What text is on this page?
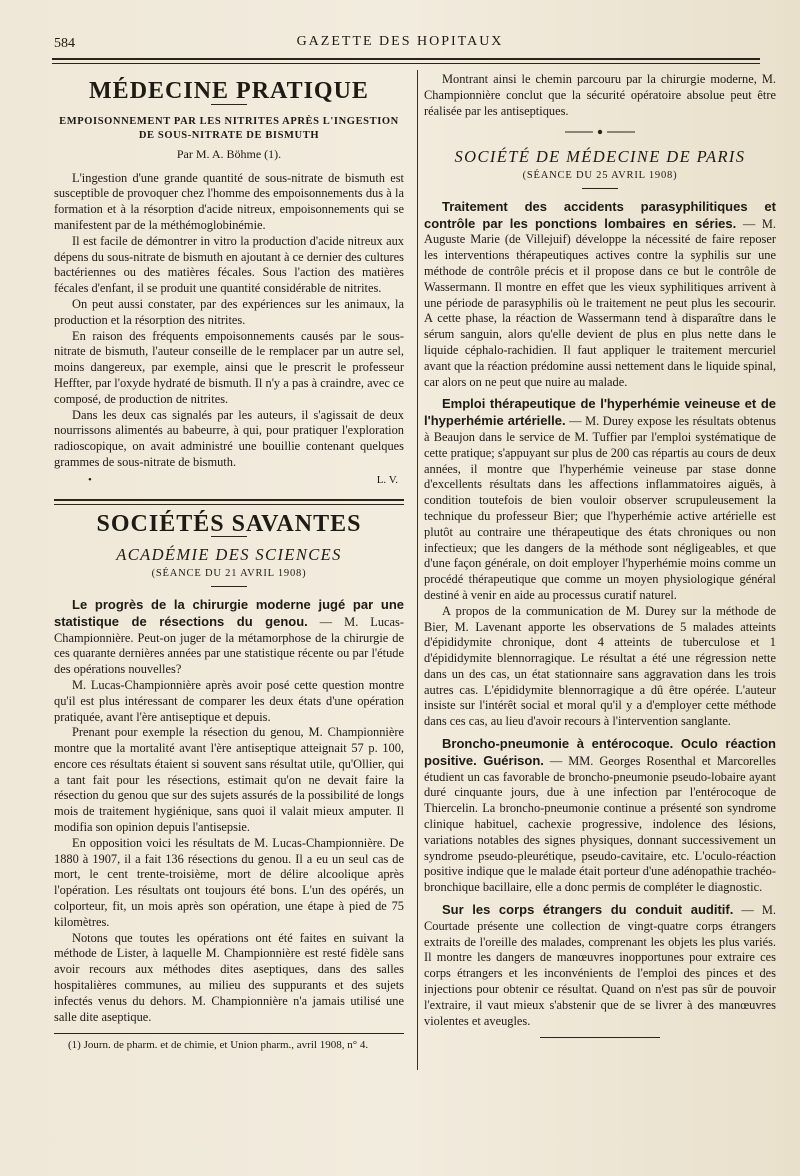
584	GAZETTE DES HOPITAUX
MÉDECINE PRATIQUE
EMPOISONNEMENT PAR LES NITRITES APRÈS L'INGESTION
DE SOUS-NITRATE DE BISMUTH
Par M. A. Böhme (1).

L'ingestion d'une grande quantité de sous-nitrate de bismuth est susceptible de provoquer chez l'homme des empoisonnements dus à la formation et à la résorption d'acide nitreux, empoisonnements qui se manifestent par de la méthémoglobinémie.

Il est facile de démontrer in vitro la production d'acide nitreux aux dépens du sous-nitrate de bismuth en ajoutant à ce dernier des cultures bactériennes ou des matières fécales. Sous l'action des matières fécales d'enfant, il se produit une quantité considérable de nitrites.

On peut aussi constater, par des expériences sur les animaux, la production et la résorption des nitrites.

En raison des fréquents empoisonnements causés par le sous-nitrate de bismuth, l'auteur conseille de le remplacer par un autre sel, moins dangereux, par exemple, ainsi que le prescrit le professeur Heffter, par l'oxyde hydraté de bismuth. Il n'y a pas à craindre, avec ce composé, de production de nitrites.

Dans les deux cas signalés par les auteurs, il s'agissait de deux nourrissons alimentés au babeurre, à qui, pour pratiquer l'exploration radioscopique, on avait administré une bouillie contenant quelques grammes de sous-nitrate de bismuth.

•	L. V.
SOCIÉTÉS SAVANTES
ACADÉMIE DES SCIENCES
(SÉANCE DU 21 AVRIL 1908)

Le progrès de la chirurgie moderne jugé par une statistique de résections du genou. — M. Lucas-Championnière. Peut-on juger de la métamorphose de la chirurgie de ces quarante dernières années par une statistique récente ou par l'étude des opérations nouvelles?

M. Lucas-Championnière après avoir posé cette question montre qu'il est plus intéressant de comparer les deux états d'une opération pratiquée, avant l'ère antiseptique et depuis.

Prenant pour exemple la résection du genou, M. Championnière montre que la mortalité avant l'ère antiseptique atteignait 57 p. 100, encore ces résultats étaient si souvent sans résultat utile, qu'Ollier, qui a tant fait pour les résections, estimait qu'on ne devait faire la résection du genou que sur des sujets assurés de la possibilité de longs mois de traitement hygiénique, sans quoi il valait mieux amputer. Il modifia son opinion depuis l'antisepsie.

En opposition voici les résultats de M. Lucas-Championnière. De 1880 à 1907, il a fait 136 résections du genou. Il a eu un seul cas de mort, le cent trente-troisième, mort de délire alcoolique après l'opération. Les résultats ont toujours été bons. L'un des opérés, un colporteur, fit, un mois après son opération, une étape à pied de 75 kilomètres.

Notons que toutes les opérations ont été faites en suivant la méthode de Lister, à laquelle M. Championnière est resté fidèle sans avoir recours aux méthodes dites aseptiques, dans des salles hospitalières communes, au milieu des suppurants et des sujets infectés venus du dehors. M. Championnière n'a jamais utilisé une salle dite aseptique.

(1) Journ. de pharm. et de chimie, et Union pharm., avril 1908, n° 4.

Montrant ainsi le chemin parcouru par la chirurgie moderne, M. Championnière conclut que la sécurité opératoire absolue peut être réalisée par les antiseptiques.

SOCIÉTÉ DE MÉDECINE DE PARIS
(SÉANCE DU 25 AVRIL 1908)

Traitement des accidents parasyphilitiques et contrôle par les ponctions lombaires en séries. — M. Auguste Marie (de Villejuif) développe la nécessité de faire reposer les interventions thérapeutiques actives contre la syphilis sur une méthode de contrôle précis et il propose dans ce but le contrôle de Wassermann. Il montre en effet que les vieux syphilitiques arrivent à une période de parasyphilis où le traitement ne peut plus les secourir. A cette phase, la réaction de Wassermann tend à disparaître dans le sérum sanguin, alors qu'elle devient de plus en plus nette dans le liquide céphalo-rachidien. Il faut appliquer le traitement mercuriel avant que la réaction prédomine aussi nettement dans le liquide spinal, car alors on ne peut que nuire au malade.

Emploi thérapeutique de l'hyperhémie veineuse et de l'hyperhémie artérielle. — M. Durey expose les résultats obtenus à Beaujon dans le service de M. Tuffier par l'emploi systématique de cette pratique; s'appuyant sur plus de 200 cas répartis au cours de deux années, il montre que l'hyperhémie veineuse par stase donne d'excellents résultats dans les affections inflammatoires aiguës, à condition toutefois de bien vouloir observer scrupuleusement la technique du professeur Bier; que l'hyperhémie active artérielle est plutôt au contraire une thérapeutique des états chroniques ou non infectieux; que les dangers de la méthode sont négligeables, et que d'une façon générale, on doit employer l'hyperhémie moins comme un procédé thérapeutique que comme un moyen physiologique général destiné à venir en aide au processus curatif naturel.

A propos de la communication de M. Durey sur la méthode de Bier, M. Lavenant apporte les observations de 5 malades atteints d'épididymite chronique, dont 4 atteints de tuberculose et 1 d'épididymite blennorragique. Le résultat a été une régression nette dans un des cas, un état stationnaire sans aggravation dans les trois autres cas. L'épididymite blennorragique a dû être opérée. L'auteur insiste sur l'intérêt social et moral qu'il y a d'employer cette méthode dans ces cas, au lieu d'avoir recours à l'intervention sanglante.

Broncho-pneumonie à entérocoque. Oculo réaction positive. Guérison. — MM. Georges Rosenthal et Marcorelles étudient un cas favorable de broncho-pneumonie pseudo-lobaire ayant duré cinquante jours, due à une infection par l'entérocoque de Thiercelin. La broncho-pneumonie continue a présenté son syndrome clinique habituel, cachexie progressive, indolence des lésions, variations notables des signes physiques, donnant successivement un syndrome pseudo-pleurétique, pseudo-cavitaire, etc. L'oculo-réaction positive indique que le malade était porteur d'une adénopathie trachéo-bronchique bacillaire, elle a donc permis de compléter le diagnostic.

Sur les corps étrangers du conduit auditif. — M. Courtade présente une collection de vingt-quatre corps étrangers extraits de l'oreille des malades, comprenant les objets les plus variés. Il montre les dangers de manœuvres inopportunes pour extraire ces corps étrangers et les inconvénients de l'emploi des pinces et des injections pour obtenir ce résultat. Quand on n'est pas sûr de pouvoir l'extraire, il vaut mieux s'abstenir que de se livrer à des manœuvres violentes et aveugles.
